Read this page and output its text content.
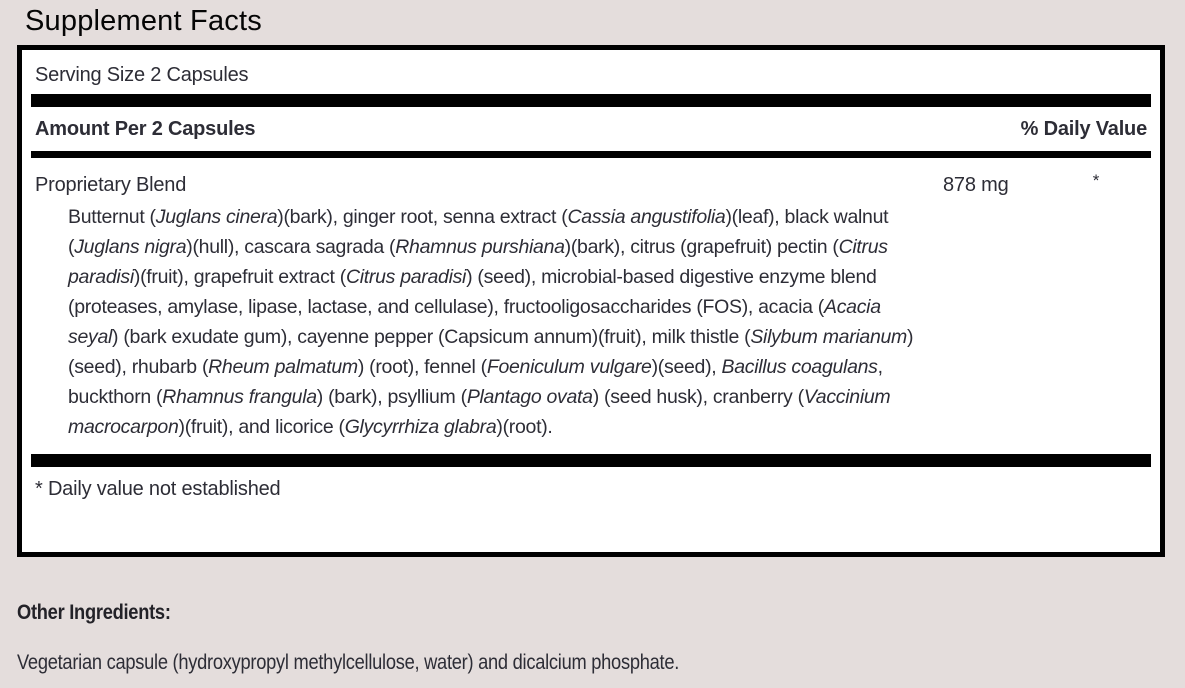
Supplement Facts
Serving Size 2 Capsules
Amount Per 2 Capsules	% Daily Value
Proprietary Blend	878 mg	*
Butternut (Juglans cinera)(bark), ginger root, senna extract (Cassia angustifolia)(leaf), black walnut (Juglans nigra)(hull), cascara sagrada (Rhamnus purshiana)(bark), citrus (grapefruit) pectin (Citrus paradisi)(fruit), grapefruit extract (Citrus paradisi) (seed), microbial-based digestive enzyme blend (proteases, amylase, lipase, lactase, and cellulase), fructooligosaccharides (FOS), acacia (Acacia seyal) (bark exudate gum), cayenne pepper (Capsicum annum)(fruit), milk thistle (Silybum marianum)(seed), rhubarb (Rheum palmatum) (root), fennel (Foeniculum vulgare)(seed), Bacillus coagulans, buckthorn (Rhamnus frangula) (bark), psyllium (Plantago ovata) (seed husk), cranberry (Vaccinium macrocarpon)(fruit), and licorice (Glycyrrhiza glabra)(root).
* Daily value not established
Other Ingredients:
Vegetarian capsule (hydroxypropyl methylcellulose, water) and dicalcium phosphate.
